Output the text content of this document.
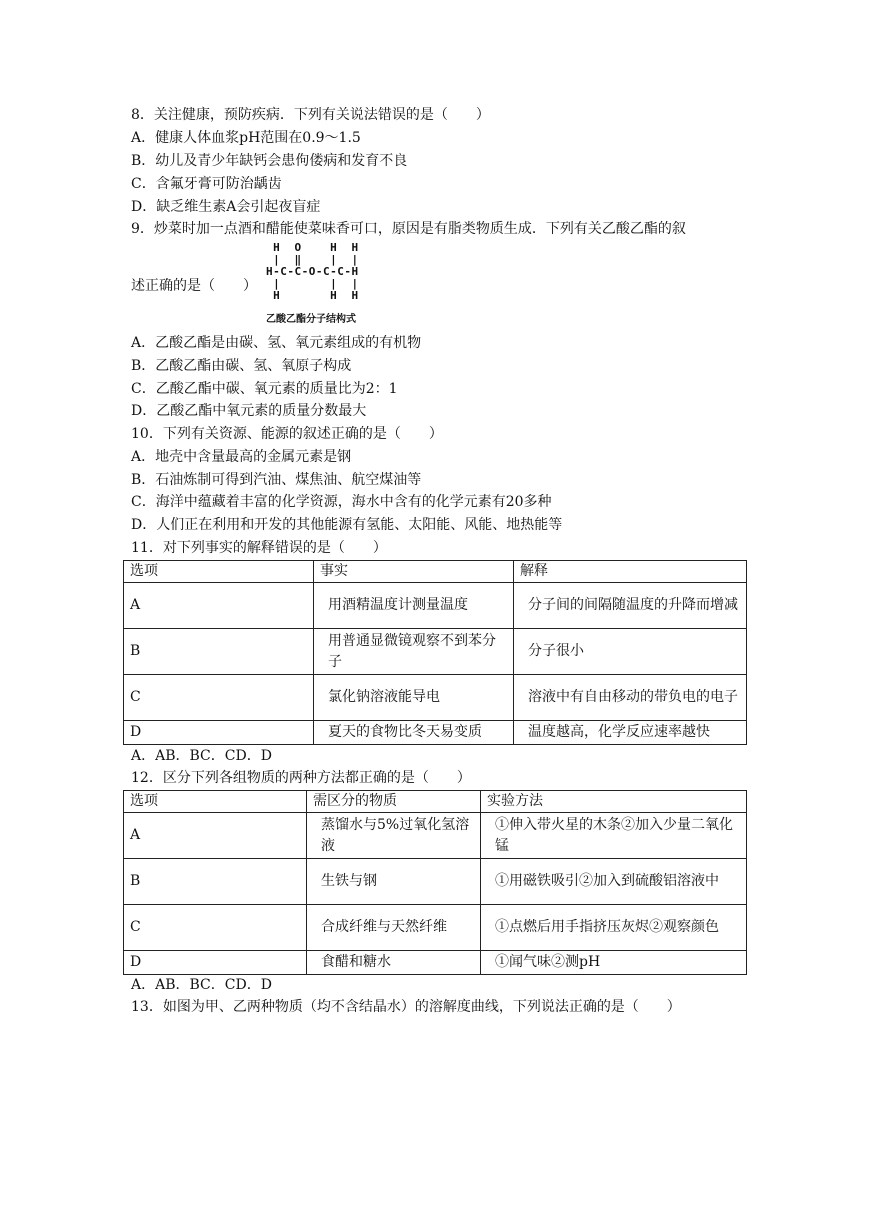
8．关注健康，预防疾病．下列有关说法错误的是（　　）
A．健康人体血浆pH范围在0.9～1.5
B．幼儿及青少年缺钙会患佝偻病和发育不良
C．含氟牙膏可防治龋齿
D．缺乏维生素A会引起夜盲症
9．炒菜时加一点酒和醋能使菜味香可口，原因是有脂类物质生成．下列有关乙酸乙酯的叙
H  O    H  H
|  ‖    |  |
H-C-C-O-C-C-H
|       |  |
H       H  H
乙酸乙酯分子结构式
述正确的是（　　）
A．乙酸乙酯是由碳、氢、氧元素组成的有机物
B．乙酸乙酯由碳、氢、氧原子构成
C．乙酸乙酯中碳、氧元素的质量比为2：1
D．乙酸乙酯中氧元素的质量分数最大
10．下列有关资源、能源的叙述正确的是（　　）
A．地壳中含量最高的金属元素是钢
B．石油炼制可得到汽油、煤焦油、航空煤油等
C．海洋中蕴藏着丰富的化学资源，海水中含有的化学元素有20多种
D．人们正在利用和开发的其他能源有氢能、太阳能、风能、地热能等
11．对下列事实的解释错误的是（　　）
选项	事实	解释
A	用酒精温度计测量温度	分子间的间隔随温度的升降而增减
B	用普通显微镜观察不到苯分子	分子很小
C	氯化钠溶液能导电	溶液中有自由移动的带负电的电子
D	夏天的食物比冬天易变质	温度越高，化学反应速率越快
A．AB．BC．CD．D
12．区分下列各组物质的两种方法都正确的是（　　）
选项	需区分的物质	实验方法
A	蒸馏水与5%过氧化氢溶液	①伸入带火星的木条②加入少量二氧化锰
B	生铁与钢	①用磁铁吸引②加入到硫酸铝溶液中
C	合成纤维与天然纤维	①点燃后用手指挤压灰烬②观察颜色
D	食醋和糖水	①闻气味②测pH
A．AB．BC．CD．D
13．如图为甲、乙两种物质（均不含结晶水）的溶解度曲线，下列说法正确的是（　　）
